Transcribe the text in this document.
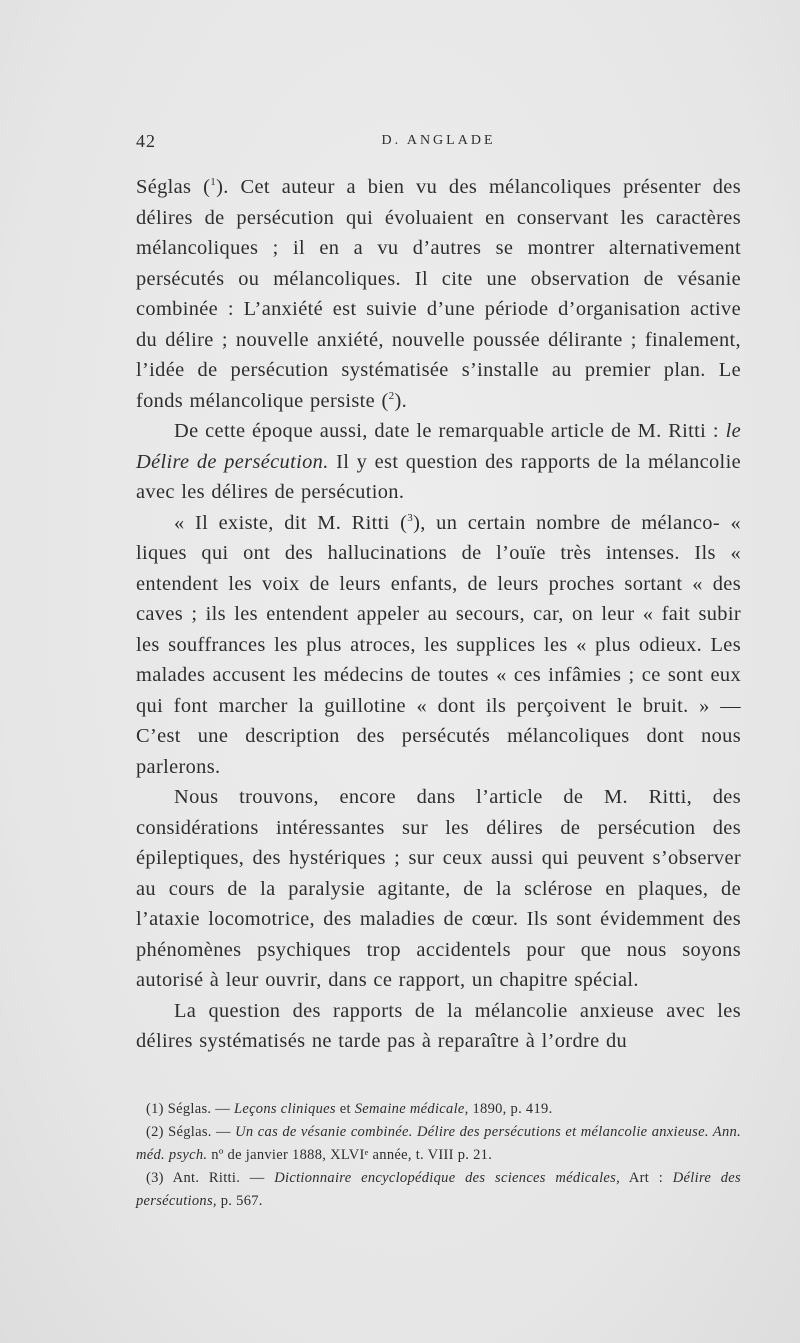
42	D. ANGLADE

Séglas ($^1$). Cet auteur a bien vu des mélancoliques présenter des délires de persécution qui évoluaient en conservant les caractères mélancoliques ; il en a vu d’autres se montrer alternativement persécutés ou mélancoliques. Il cite une observation de vésanie combinée : L’anxiété est suivie d’une période d’organisation active du délire ; nouvelle anxiété, nouvelle poussée délirante ; finalement, l’idée de persécution systématisée s’installe au premier plan. Le fonds mélancolique persiste ($^2$).

De cette époque aussi, date le remarquable article de M. Ritti : le Délire de persécution. Il y est question des rapports de la mélancolie avec les délires de persécution.

« Il existe, dit M. Ritti ($^3$), un certain nombre de mélanco- « liques qui ont des hallucinations de l’ouïe très intenses. Ils « entendent les voix de leurs enfants, de leurs proches sortant « des caves ; ils les entendent appeler au secours, car, on leur « fait subir les souffrances les plus atroces, les supplices les « plus odieux. Les malades accusent les médecins de toutes « ces infâmies ; ce sont eux qui font marcher la guillotine « dont ils perçoivent le bruit. » — C’est une description des persécutés mélancoliques dont nous parlerons.

Nous trouvons, encore dans l’article de M. Ritti, des considérations intéressantes sur les délires de persécution des épileptiques, des hystériques ; sur ceux aussi qui peuvent s’observer au cours de la paralysie agitante, de la sclérose en plaques, de l’ataxie locomotrice, des maladies de cœur. Ils sont évidemment des phénomènes psychiques trop accidentels pour que nous soyons autorisé à leur ouvrir, dans ce rapport, un chapitre spécial.

La question des rapports de la mélancolie anxieuse avec les délires systématisés ne tarde pas à reparaître à l’ordre du

(1) Séglas. — Leçons cliniques et Semaine médicale, 1890, p. 419.

(2) Séglas. — Un cas de vésanie combinée. Délire des persécutions et mélancolie anxieuse. Ann. méd. psych. nº de janvier 1888, XLVIᵉ année, t. VIII p. 21.

(3) Ant. Ritti. — Dictionnaire encyclopédique des sciences médicales, Art : Délire des persécutions, p. 567.
